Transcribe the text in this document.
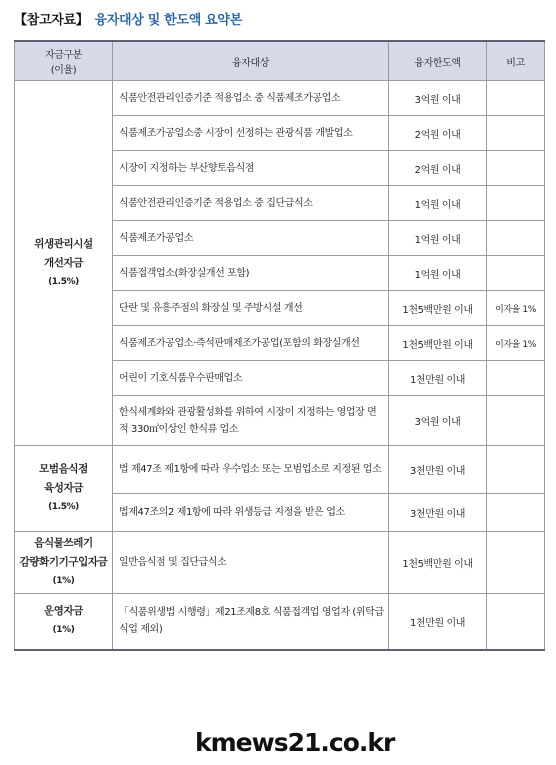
【참고자료】 융자대상 및 한도액 요약본
자금구분
(이율)	융자대상	융자한도액	비고

위생관리시설
개선자금
(1.5%)	식품안전관리인증기준 적용업소 중 식품제조가공업소	3억원 이내	
	식품제조가공업소중 시장이 선정하는 관광식품 개발업소	2억원 이내	
	시장이 지정하는 부산향토음식점	2억원 이내	
	식품안전관리인증기준 적용업소 중 집단급식소	1억원 이내	
	식품제조가공업소	1억원 이내	
	식품접객업소(화장실개선 포함)	1억원 이내	
	단란 및 유흥주점의 화장실 및 주방시설 개선	1천5백만원 이내	이자율 1%
	식품제조가공업소·즉석판매제조가공업(포함의 화장실개선	1천5백만원 이내	이자율 1%
	어린이 기호식품우수판매업소	1천만원 이내	
	한식세계화와 관광활성화를 위하여 시장이 지정하는 영업장 면적 330㎡이상인 한식류 업소	3억원 이내	

모범음식점
육성자금
(1.5%)	법 제47조 제1항에 따라 우수업소 또는 모범업소로 지정된 업소	3천만원 이내	
	법제47조의2 제1항에 따라 위생등급 지정을 받은 업소	3천만원 이내	

음식물쓰레기
감량화기기구입자금
(1%)	일반음식점 및 집단급식소	1천5백만원 이내	

운영자금
(1%)	「식품위생법 시행령」제21조제8호 식품접객업 영업자 (위탁급식업 제외)	1천만원 이내	
kmews21.co.kr
